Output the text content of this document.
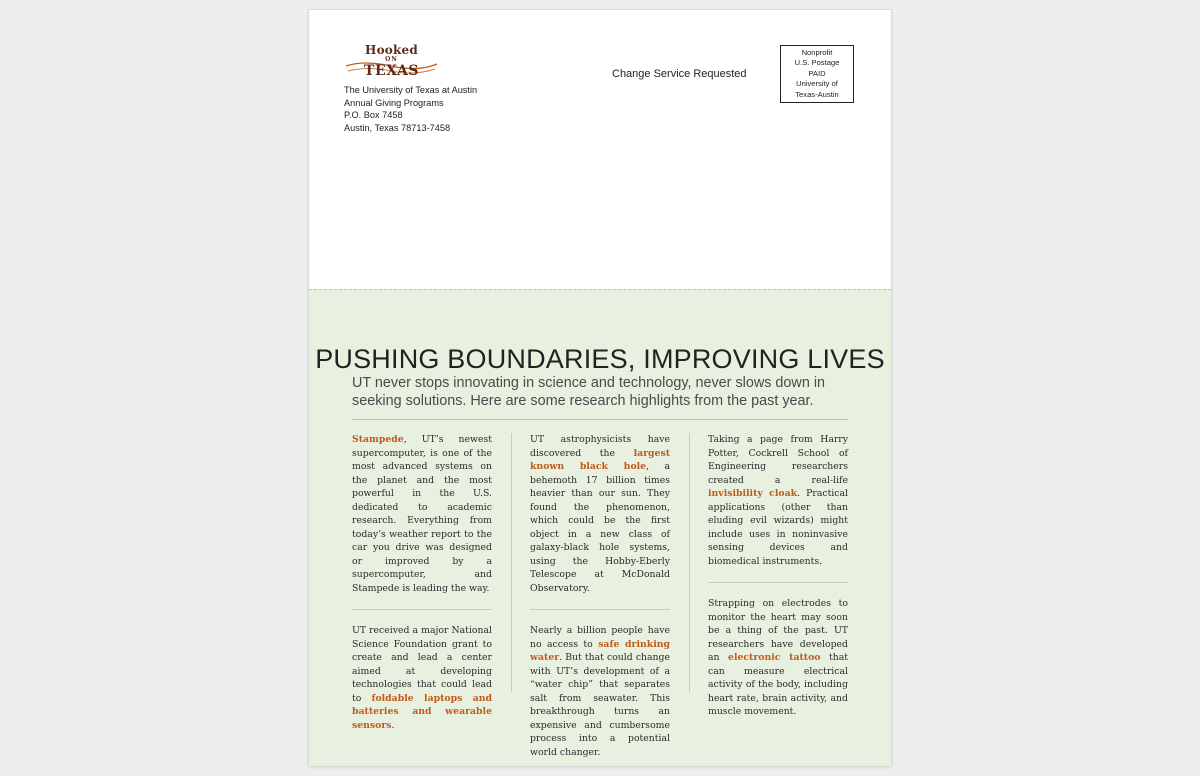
Hooked
ON
TEXAS
The University of Texas at Austin
Annual Giving Programs
P.O. Box 7458
Austin, Texas 78713-7458
Change Service Requested
Nonprofit
U.S. Postage
PAID
University of
Texas-Austin
PUSHING BOUNDARIES, IMPROVING LIVES
UT never stops innovating in science and technology, never slows down in seeking solutions. Here are some research highlights from the past year.

Stampede, UT’s newest supercomputer, is one of the most advanced systems on the planet and the most powerful in the U.S. dedicated to academic research. Everything from today’s weather report to the car you drive was designed or improved by a supercomputer, and Stampede is leading the way.

UT received a major National Science Foundation grant to create and lead a center aimed at developing technologies that could lead to foldable laptops and batteries and wearable sensors.

UT astrophysicists have discovered the largest known black hole, a behemoth 17 billion times heavier than our sun. They found the phenomenon, which could be the first object in a new class of galaxy-black hole systems, using the Hobby-Eberly Telescope at McDonald Observatory.

Nearly a billion people have no access to safe drinking water. But that could change with UT’s development of a “water chip” that separates salt from seawater. This breakthrough turns an expensive and cumbersome process into a potential world changer.

Taking a page from Harry Potter, Cockrell School of Engineering researchers created a real-life invisibility cloak. Practical applications (other than eluding evil wizards) might include uses in noninvasive sensing devices and biomedical instruments.

Strapping on electrodes to monitor the heart may soon be a thing of the past. UT researchers have developed an electronic tattoo that can measure electrical activity of the body, including heart rate, brain activity, and muscle movement.
